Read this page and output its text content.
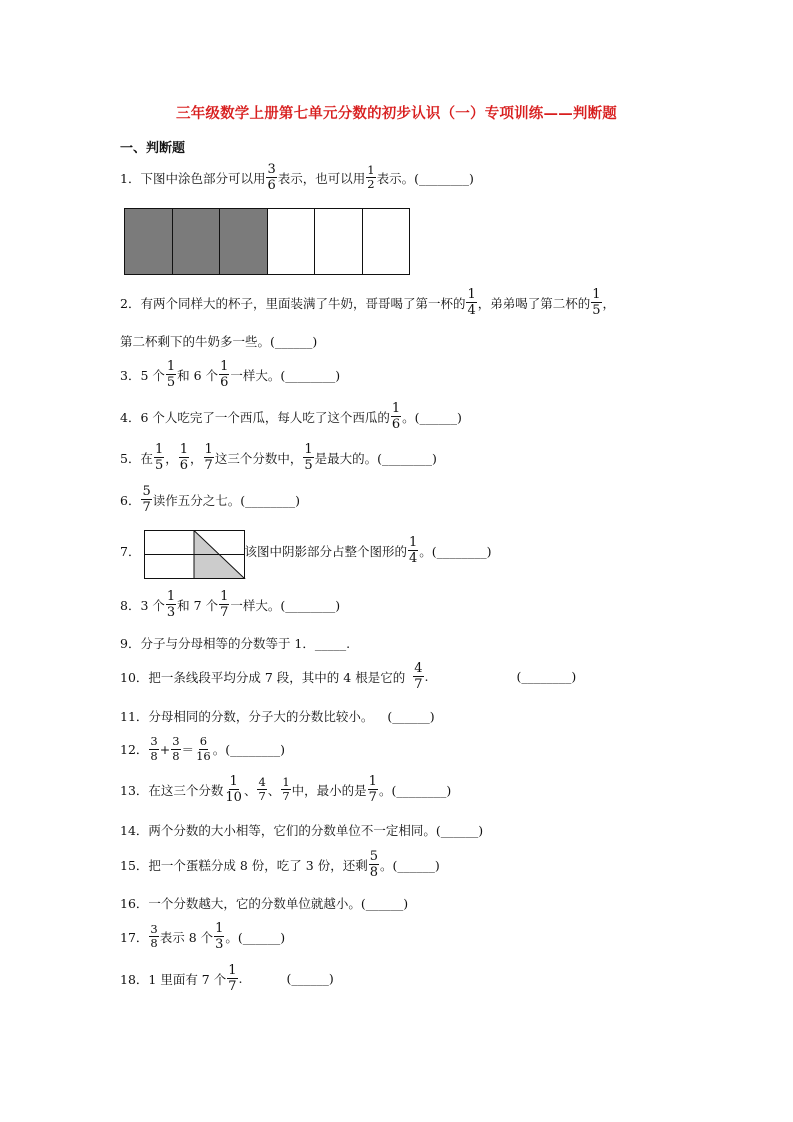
三年级数学上册第七单元分数的初步认识（一）专项训练——判断题
一、判断题
1．下图中涂色部分可以用 $\frac{3}{6}$ 表示，也可以用 $\frac{1}{2}$ 表示。(________)
2．有两个同样大的杯子，里面装满了牛奶，哥哥喝了第一杯的 $\frac{1}{4}$ ，弟弟喝了第二杯的 $\frac{1}{5}$ ，
第二杯剩下的牛奶多一些。(______)
3．5 个 $\frac{1}{5}$ 和 6 个 $\frac{1}{6}$ 一样大。(________)
4．6 个人吃完了一个西瓜，每人吃了这个西瓜的 $\frac{1}{6}$ 。(______)
5．在 $\frac{1}{5}$ ， $\frac{1}{6}$ ， $\frac{1}{7}$ 这三个分数中， $\frac{1}{5}$ 是最大的。(________)
6． $\frac{5}{7}$ 读作五分之七。(________)
7．	该图中阴影部分占整个图形的 $\frac{1}{4}$ 。(________)
8．3 个 $\frac{1}{3}$ 和 7 个 $\frac{1}{7}$ 一样大。(________)
9．分子与分母相等的分数等于 1．_____.
10．把一条线段平均分成 7 段，其中的 4 根是它的 $\frac{4}{7}$ .	(________)
11．分母相同的分数，分子大的分数比较小。 (______)
12． $\frac{3}{8} + \frac{3}{8} = \frac{6}{16}$ 。(________)
13．在这三个分数 $\frac{1}{10}$ 、 $\frac{4}{7}$ 、 $\frac{1}{7}$ 中，最小的是 $\frac{1}{7}$ 。(________)
14．两个分数的大小相等，它们的分数单位不一定相同。(______)
15．把一个蛋糕分成 8 份，吃了 3 份，还剩 $\frac{5}{8}$ 。(______)
16．一个分数越大，它的分数单位就越小。(______)
17． $\frac{3}{8}$ 表示 8 个 $\frac{1}{3}$ 。(______)
18．1 里面有 7 个 $\frac{1}{7}$ .	(______)
